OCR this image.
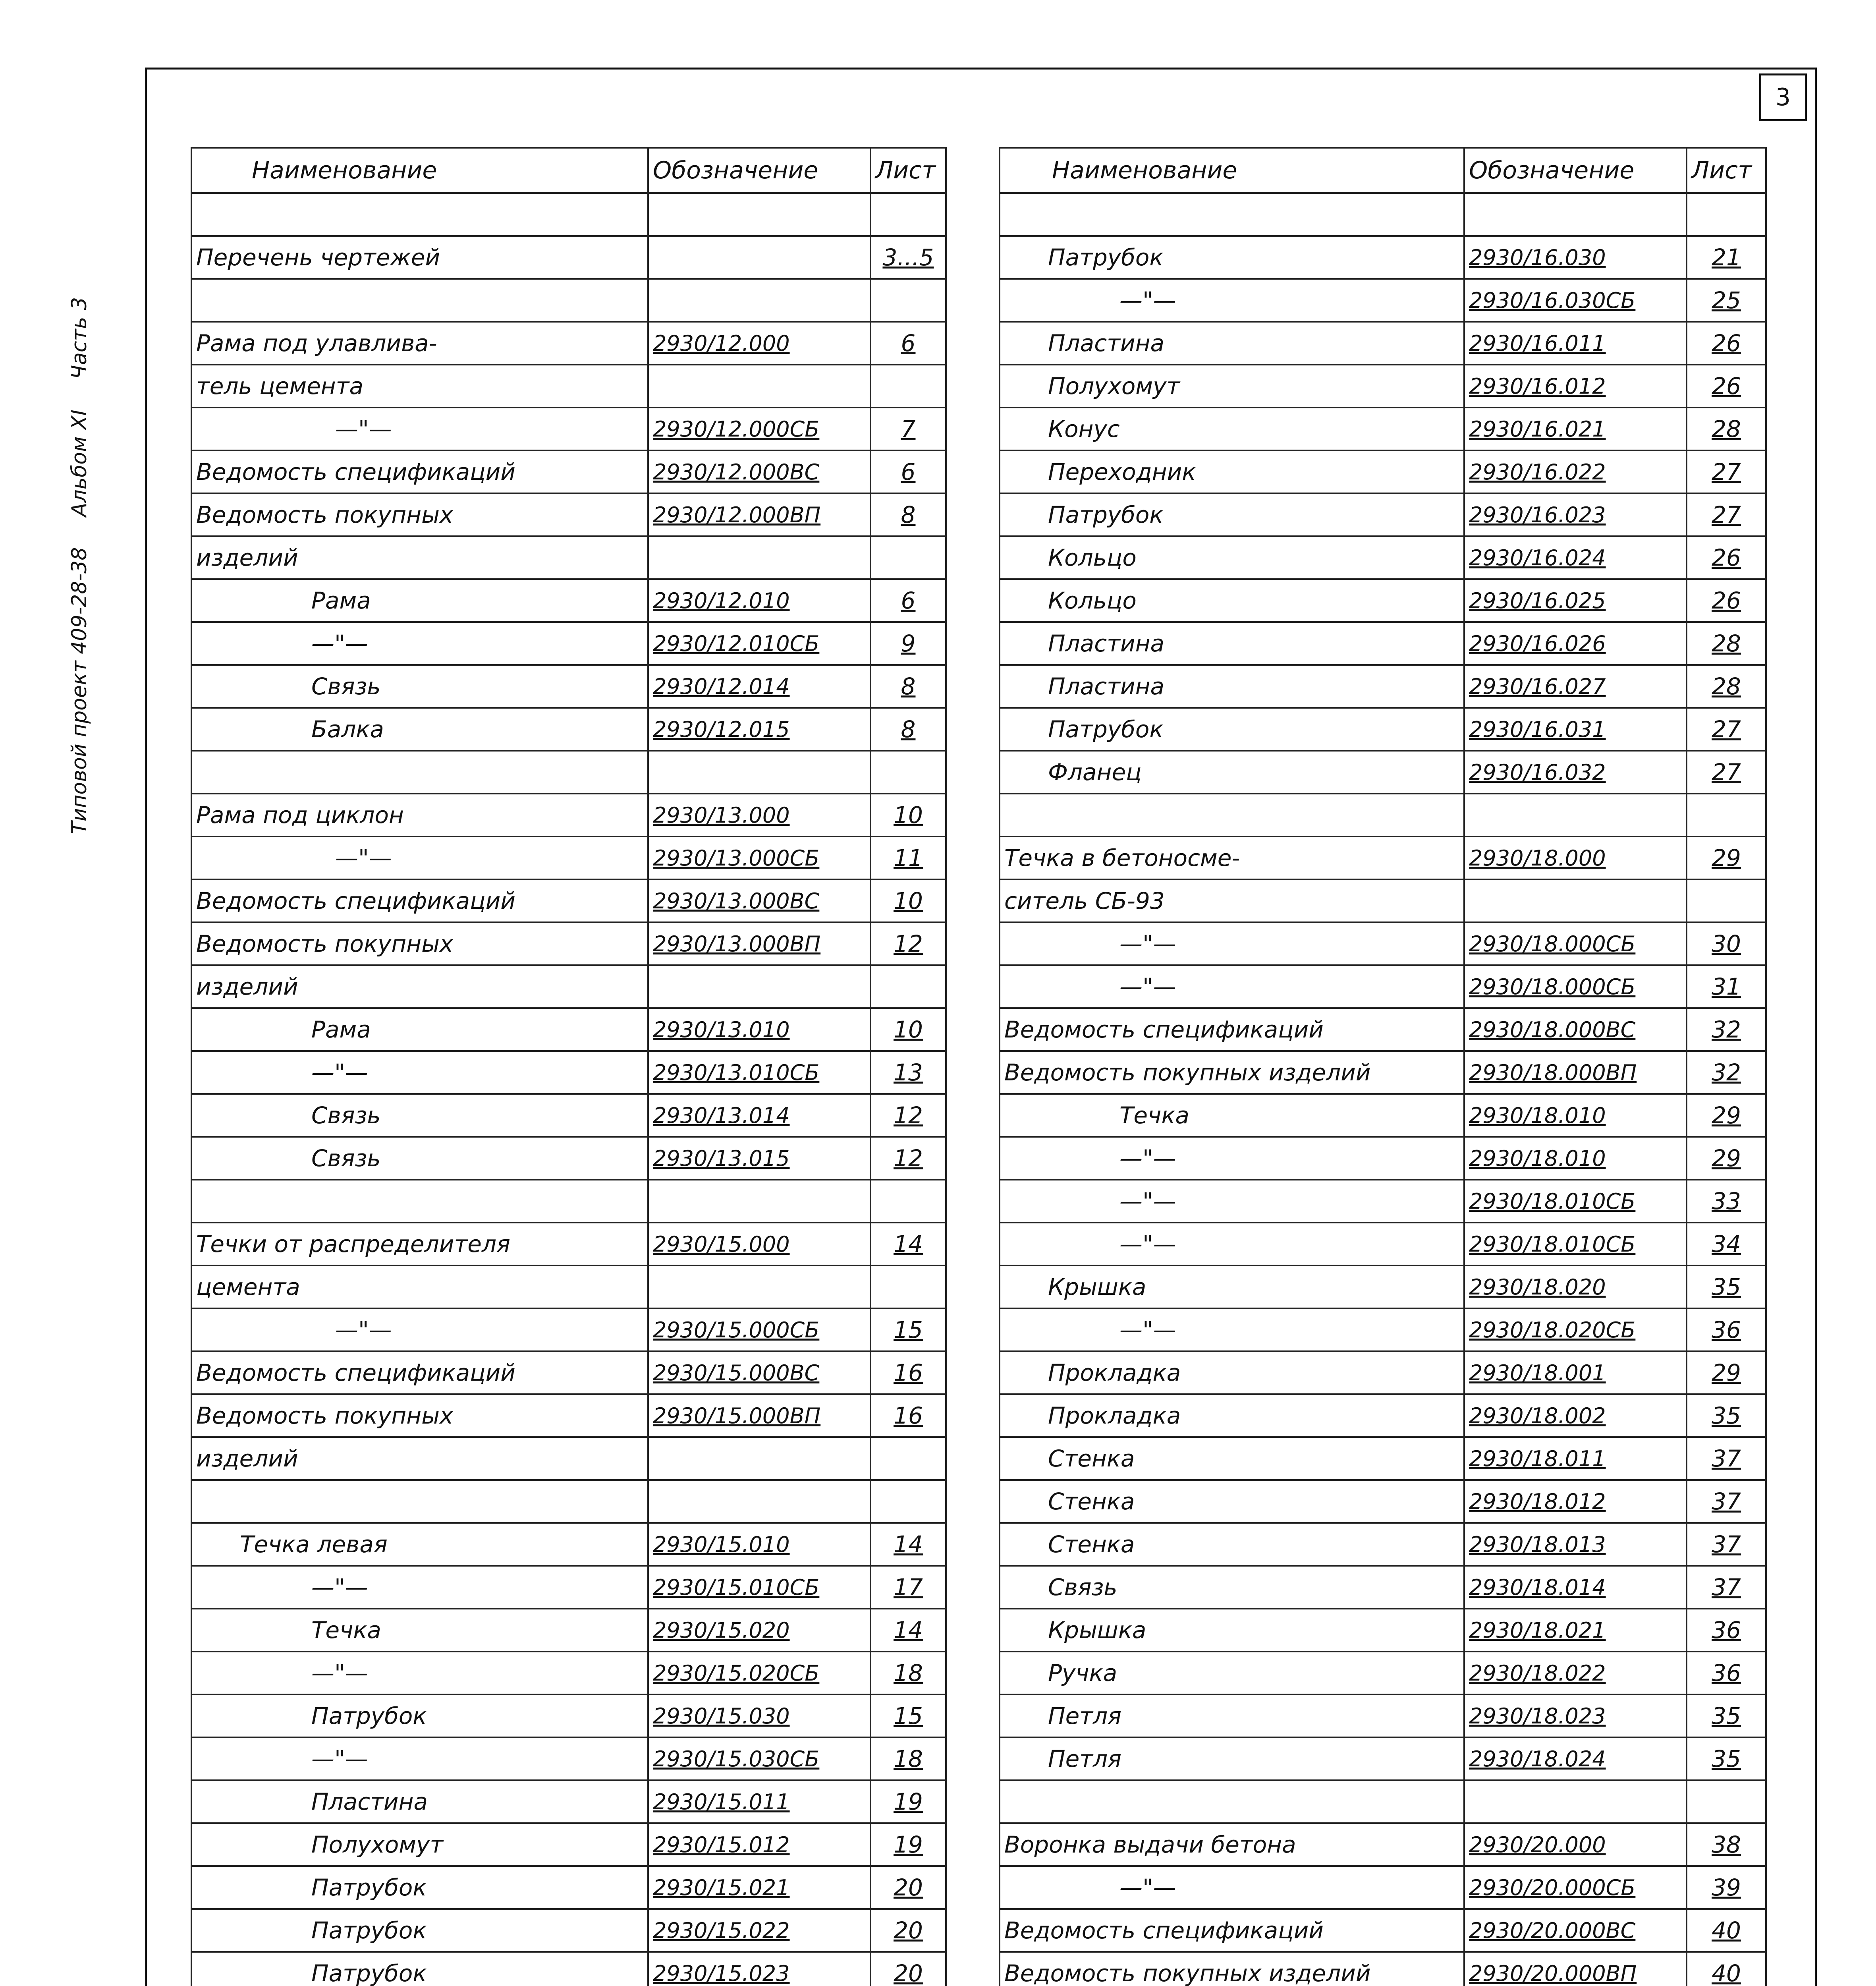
Типовой проект 409-28-38 Альбом XI Часть 3
3
Наименование	Обозначение	Лист

Перечень чертежей		3...5

Рама под улавлива-	2930/12.000	6
тель цемента		
—"—	2930/12.000СБ	7
Ведомость спецификаций	2930/12.000ВС	6
Ведомость покупных	2930/12.000ВП	8
изделий		
Рама	2930/12.010	6
—"—	2930/12.010СБ	9
Связь	2930/12.014	8
Балка	2930/12.015	8

Рама под циклон	2930/13.000	10
—"—	2930/13.000СБ	11
Ведомость спецификаций	2930/13.000ВС	10
Ведомость покупных	2930/13.000ВП	12
изделий		
Рама	2930/13.010	10
—"—	2930/13.010СБ	13
Связь	2930/13.014	12
Связь	2930/13.015	12

Течки от распределителя	2930/15.000	14
цемента		
—"—	2930/15.000СБ	15
Ведомость спецификаций	2930/15.000ВС	16
Ведомость покупных	2930/15.000ВП	16
изделий		

Течка левая	2930/15.010	14
—"—	2930/15.010СБ	17
Течка	2930/15.020	14
—"—	2930/15.020СБ	18
Патрубок	2930/15.030	15
—"—	2930/15.030СБ	18
Пластина	2930/15.011	19
Полухомут	2930/15.012	19
Патрубок	2930/15.021	20
Патрубок	2930/15.022	20
Патрубок	2930/15.023	20

Наименование	Обозначение	Лист

Патрубок	2930/16.030	21
—"—	2930/16.030СБ	25
Пластина	2930/16.011	26
Полухомут	2930/16.012	26
Конус	2930/16.021	28
Переходник	2930/16.022	27
Патрубок	2930/16.023	27
Кольцо	2930/16.024	26
Кольцо	2930/16.025	26
Пластина	2930/16.026	28
Пластина	2930/16.027	28
Патрубок	2930/16.031	27
Фланец	2930/16.032	27

Течка в бетоносме-	2930/18.000	29
ситель СБ-93		
—"—	2930/18.000СБ	30
—"—	2930/18.000СБ	31
Ведомость спецификаций	2930/18.000ВС	32
Ведомость покупных изделий	2930/18.000ВП	32
Течка	2930/18.010	29
—"—	2930/18.010	29
—"—	2930/18.010СБ	33
—"—	2930/18.010СБ	34
Крышка	2930/18.020	35
—"—	2930/18.020СБ	36
Прокладка	2930/18.001	29
Прокладка	2930/18.002	35
Стенка	2930/18.011	37
Стенка	2930/18.012	37
Стенка	2930/18.013	37
Связь	2930/18.014	37
Крышка	2930/18.021	36
Ручка	2930/18.022	36
Петля	2930/18.023	35
Петля	2930/18.024	35

Воронка выдачи бетона	2930/20.000	38
—"—	2930/20.000СБ	39
Ведомость спецификаций	2930/20.000ВС	40
Ведомость покупных изделий	2930/20.000ВП	40
